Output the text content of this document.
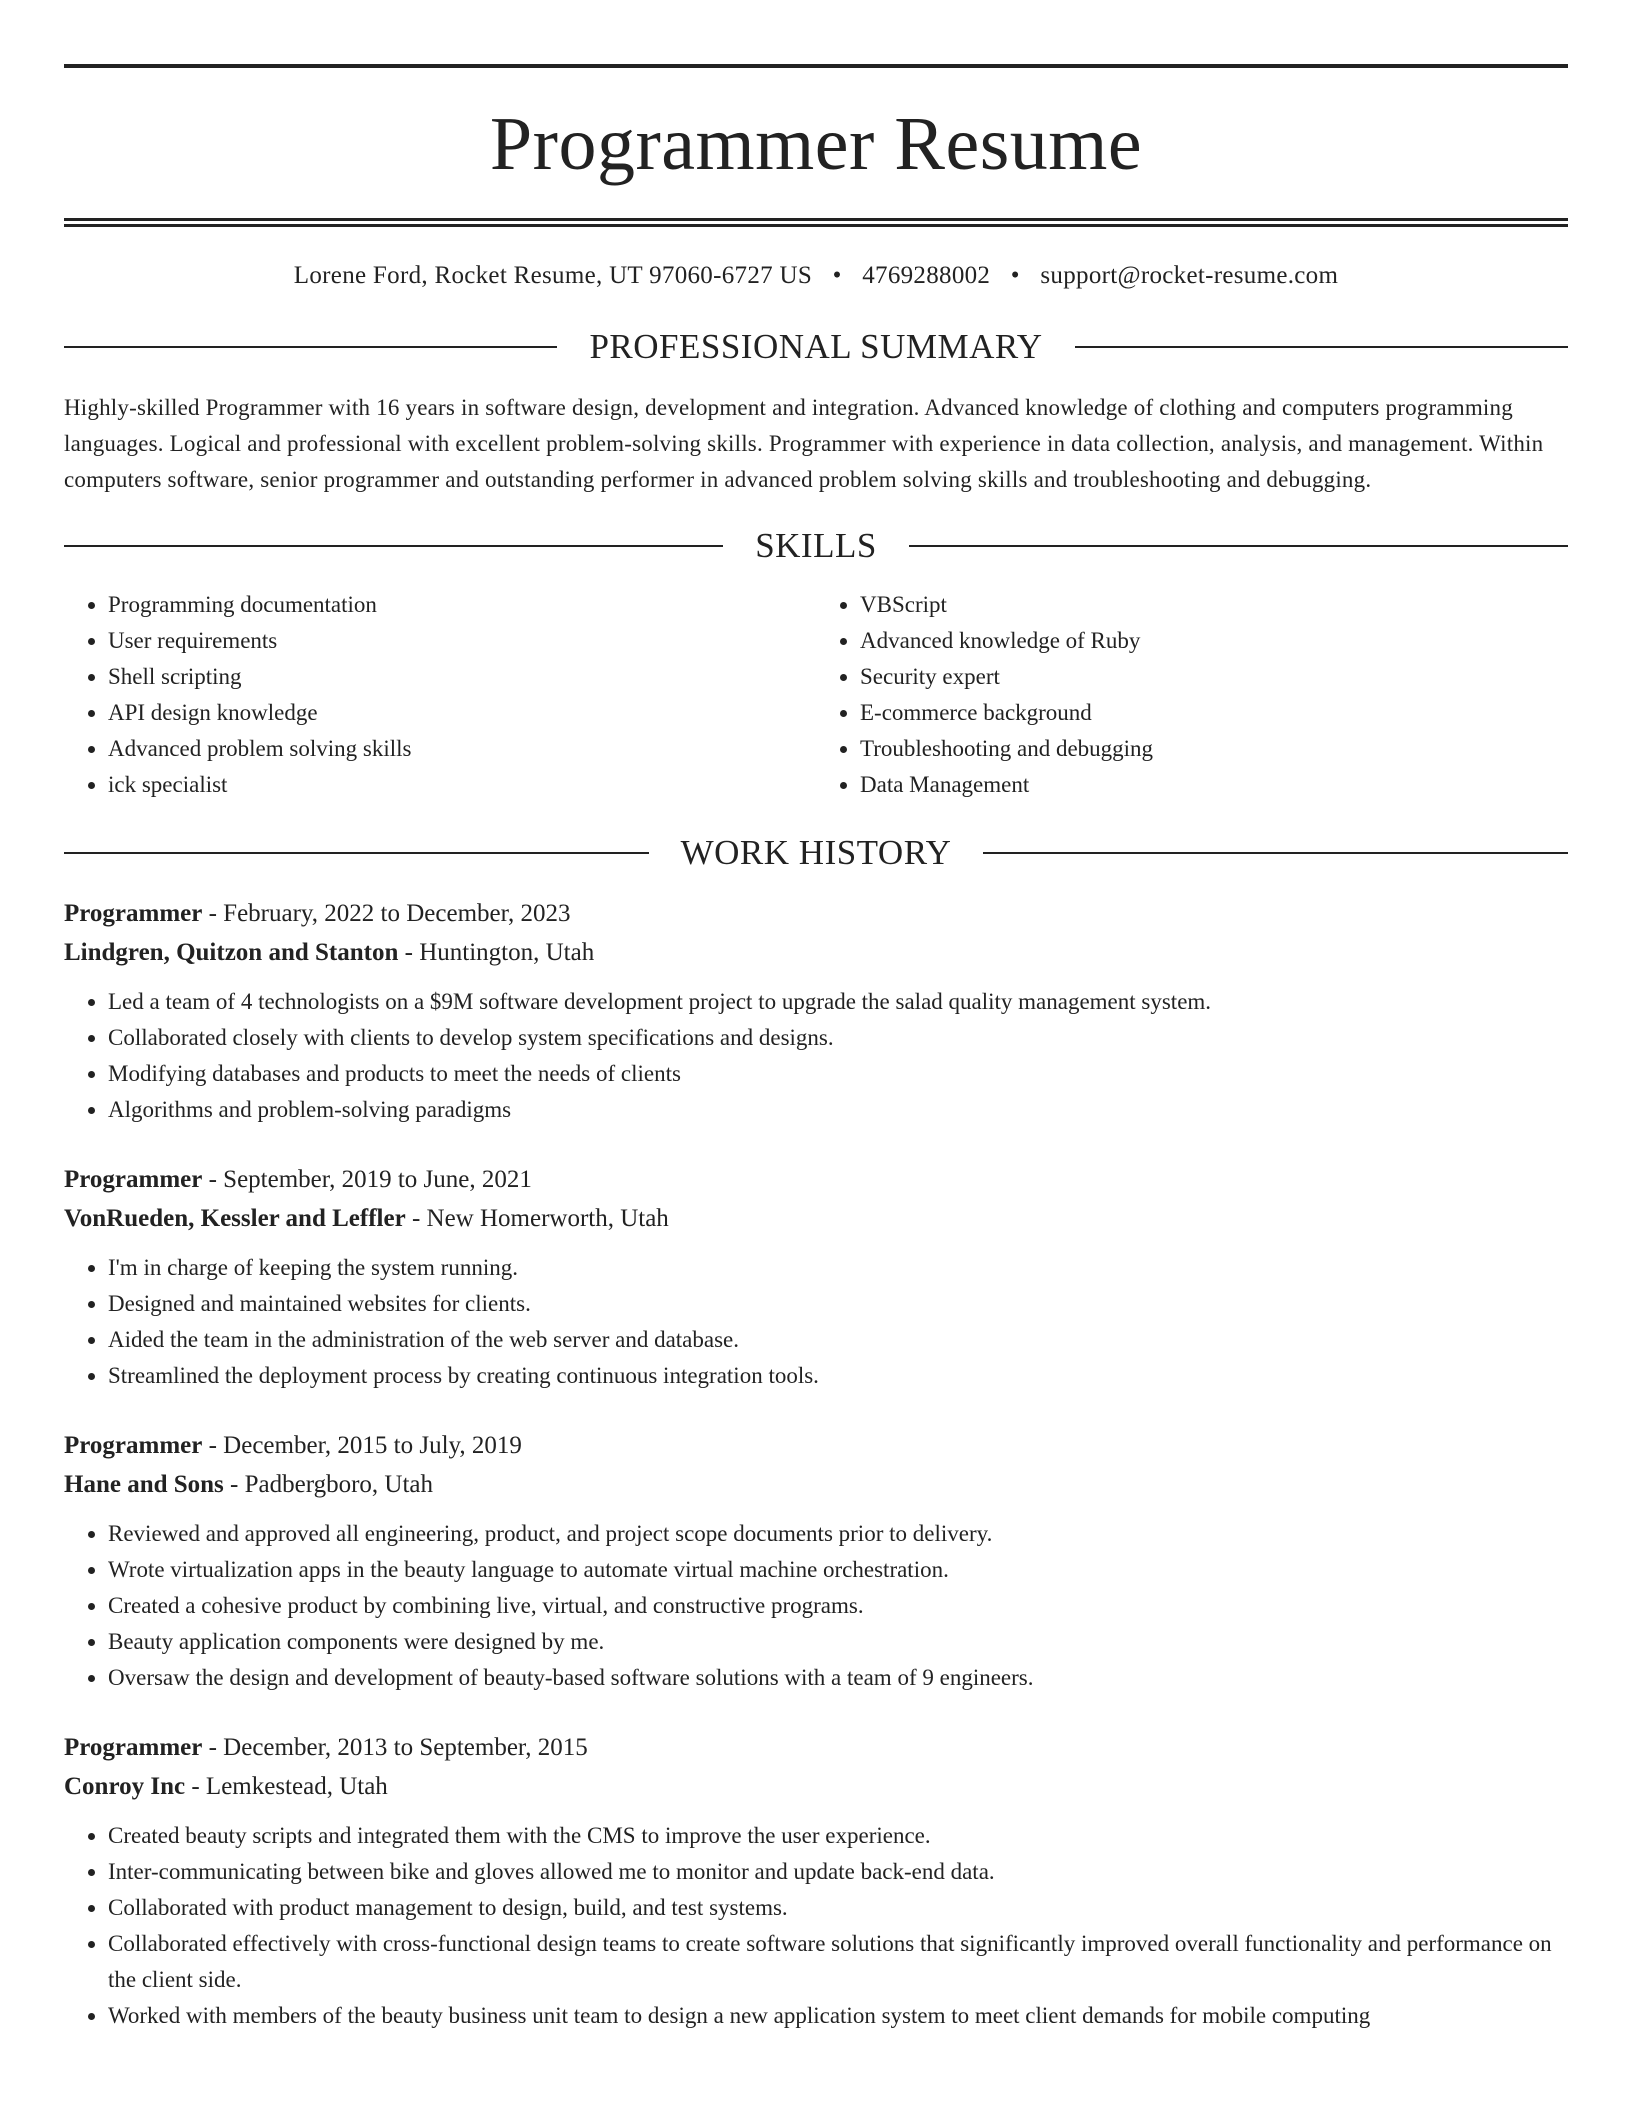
Programmer Resume
Lorene Ford, Rocket Resume, UT 97060-6727 US • 4769288002 • support@rocket-resume.com
PROFESSIONAL SUMMARY

Highly-skilled Programmer with 16 years in software design, development and integration. Advanced knowledge of clothing and computers programming languages. Logical and professional with excellent problem-solving skills. Programmer with experience in data collection, analysis, and management. Within computers software, senior programmer and outstanding performer in advanced problem solving skills and troubleshooting and debugging.

SKILLS
• Programming documentation
• User requirements
• Shell scripting
• API design knowledge
• Advanced problem solving skills
• ick specialist
• VBScript
• Advanced knowledge of Ruby
• Security expert
• E-commerce background
• Troubleshooting and debugging
• Data Management
WORK HISTORY
Programmer - February, 2022 to December, 2023
Lindgren, Quitzon and Stanton - Huntington, Utah
• Led a team of 4 technologists on a $9M software development project to upgrade the salad quality management system.
• Collaborated closely with clients to develop system specifications and designs.
• Modifying databases and products to meet the needs of clients
• Algorithms and problem-solving paradigms
Programmer - September, 2019 to June, 2021
VonRueden, Kessler and Leffler - New Homerworth, Utah
• I'm in charge of keeping the system running.
• Designed and maintained websites for clients.
• Aided the team in the administration of the web server and database.
• Streamlined the deployment process by creating continuous integration tools.
Programmer - December, 2015 to July, 2019
Hane and Sons - Padbergboro, Utah
• Reviewed and approved all engineering, product, and project scope documents prior to delivery.
• Wrote virtualization apps in the beauty language to automate virtual machine orchestration.
• Created a cohesive product by combining live, virtual, and constructive programs.
• Beauty application components were designed by me.
• Oversaw the design and development of beauty-based software solutions with a team of 9 engineers.
Programmer - December, 2013 to September, 2015
Conroy Inc - Lemkestead, Utah
• Created beauty scripts and integrated them with the CMS to improve the user experience.
• Inter-communicating between bike and gloves allowed me to monitor and update back-end data.
• Collaborated with product management to design, build, and test systems.
• Collaborated effectively with cross-functional design teams to create software solutions that significantly improved overall functionality and performance on the client side.
• Worked with members of the beauty business unit team to design a new application system to meet client demands for mobile computing
